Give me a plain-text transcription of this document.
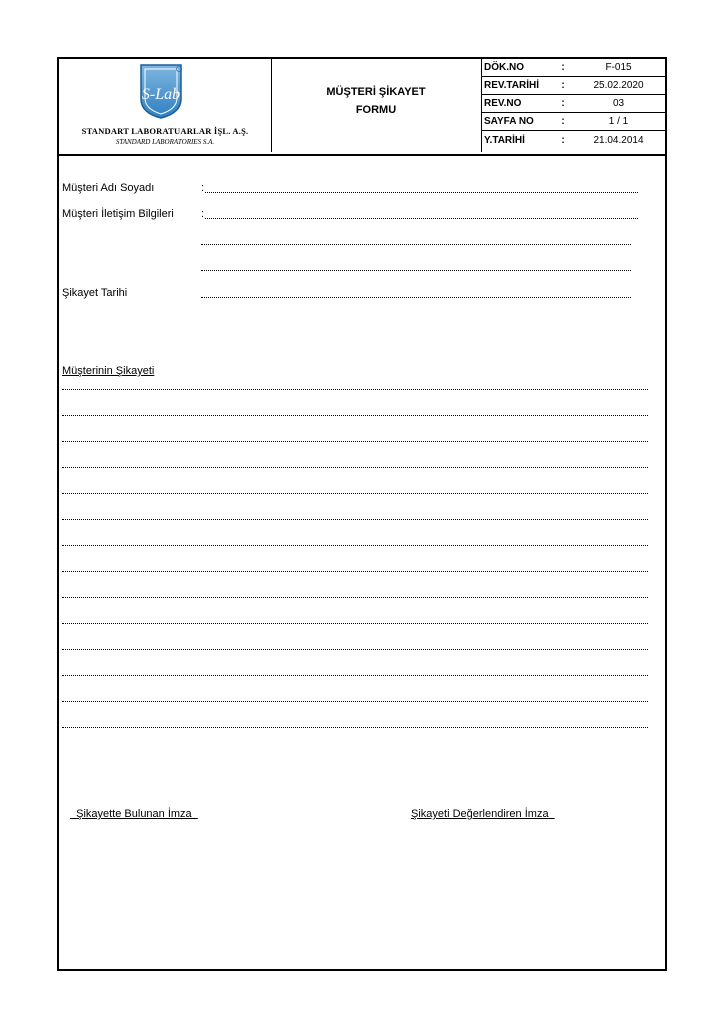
S-Lab
STANDART LABORATUARLAR İŞL. A.Ş.
STANDARD LABORATORIES S.A.
MÜŞTERİ ŞİKAYET
FORMU
DÖK.NO	:	F-015
REV.TARİHİ	:	25.02.2020
REV.NO	:	03
SAYFA NO	:	1 / 1
Y.TARİHİ	:	21.04.2014
Müşteri Adı Soyadı	:
Müşteri İletişim Bilgileri :
Şikayet Tarihi
Müşterinin Şikayeti
Şikayette Bulunan İmza	Şikayeti Değerlendiren İmza
